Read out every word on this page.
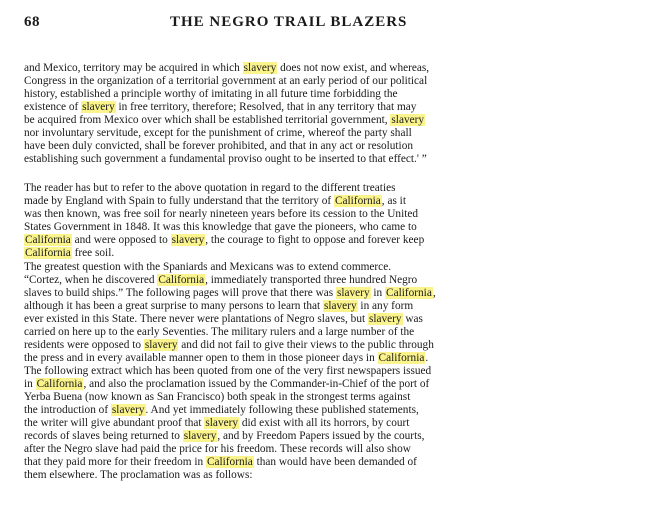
68	THE NEGRO TRAIL BLAZERS
and Mexico, territory may be acquired in which slavery does not now exist, and whereas,
Congress in the organization of a territorial government at an early period of our political
history, established a principle worthy of imitating in all future time forbidding the
existence of slavery in free territory, therefore; Resolved, that in any territory that may
be acquired from Mexico over which shall be established territorial government, slavery
nor involuntary servitude, except for the punishment of crime, whereof the party shall
have been duly convicted, shall be forever prohibited, and that in any act or resolution
establishing such government a fundamental proviso ought to be inserted to that effect.' ”
The reader has but to refer to the above quotation in regard to the different treaties
made by England with Spain to fully understand that the territory of California, as it
was then known, was free soil for nearly nineteen years before its cession to the United
States Government in 1848. It was this knowledge that gave the pioneers, who came to
California and were opposed to slavery, the courage to fight to oppose and forever keep
California free soil.
The greatest question with the Spaniards and Mexicans was to extend commerce.
“Cortez, when he discovered California, immediately transported three hundred Negro
slaves to build ships.” The following pages will prove that there was slavery in California,
although it has been a great surprise to many persons to learn that slavery in any form
ever existed in this State. There never were plantations of Negro slaves, but slavery was
carried on here up to the early Seventies. The military rulers and a large number of the
residents were opposed to slavery and did not fail to give their views to the public through
the press and in every available manner open to them in those pioneer days in California.
The following extract which has been quoted from one of the very first newspapers issued
in California, and also the proclamation issued by the Commander-in-Chief of the port of
Yerba Buena (now known as San Francisco) both speak in the strongest terms against
the introduction of slavery. And yet immediately following these published statements,
the writer will give abundant proof that slavery did exist with all its horrors, by court
records of slaves being returned to slavery, and by Freedom Papers issued by the courts,
after the Negro slave had paid the price for his freedom. These records will also show
that they paid more for their freedom in California than would have been demanded of
them elsewhere. The proclamation was as follows:
